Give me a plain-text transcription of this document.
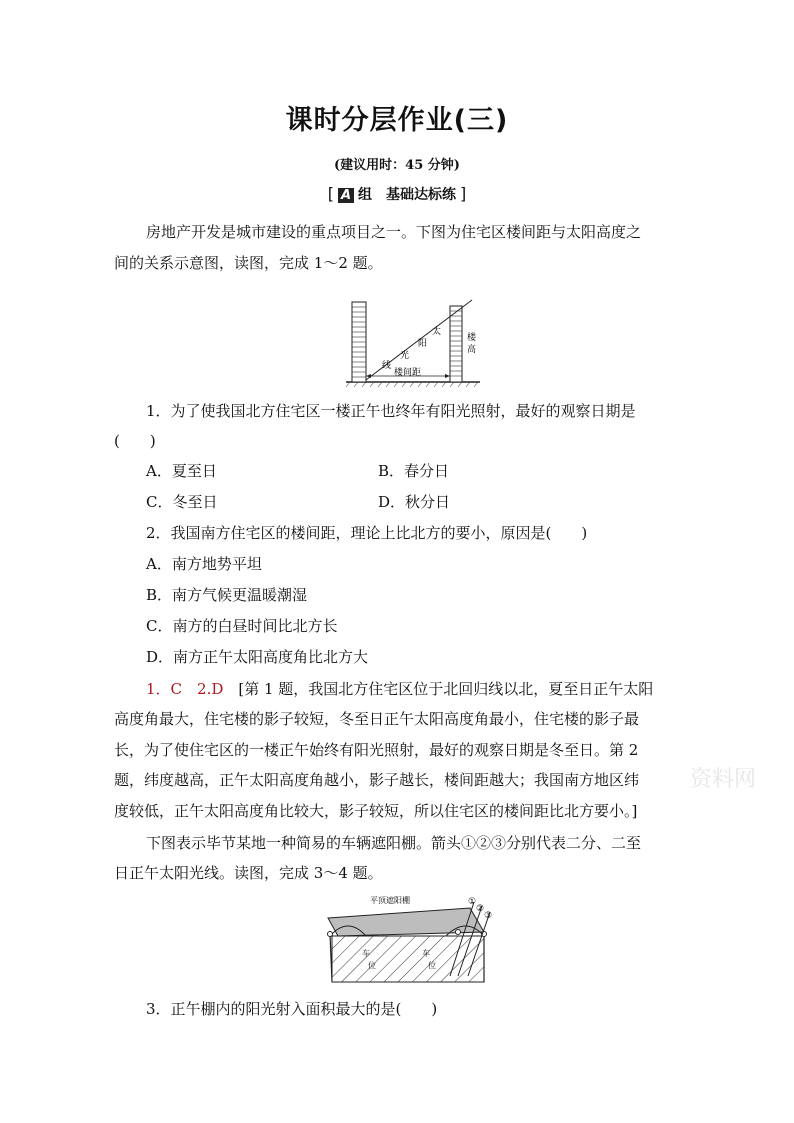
课时分层作业(三)
(建议用时：45 分钟)
[ A 组　基础达标练 ]
房地产开发是城市建设的重点项目之一。下图为住宅区楼间距与太阳高度之
间的关系示意图，读图，完成 1～2 题。
太
阳
光
线
楼
高
楼间距
1．为了使我国北方住宅区一楼正午也终年有阳光照射，最好的观察日期是
(　　)
A．夏至日	B．春分日
C．冬至日	D．秋分日
2．我国南方住宅区的楼间距，理论上比北方的要小，原因是(　　)
A．南方地势平坦
B．南方气候更温暖潮湿
C．南方的白昼时间比北方长
D．南方正午太阳高度角比北方大
1．C　2.D　[第 1 题，我国北方住宅区位于北回归线以北，夏至日正午太阳
高度角最大，住宅楼的影子较短，冬至日正午太阳高度角最小，住宅楼的影子最
长，为了使住宅区的一楼正午始终有阳光照射，最好的观察日期是冬至日。第 2
题，纬度越高，正午太阳高度角越小，影子越长，楼间距越大；我国南方地区纬
度较低，正午太阳高度角比较大，影子较短，所以住宅区的楼间距比北方要小。]
资料网
下图表示毕节某地一种简易的车辆遮阳棚。箭头①②③分别代表二分、二至
日正午太阳光线。读图，完成 3～4 题。
平顶遮阳棚	①
②
③
车
位
车
位
3．正午棚内的阳光射入面积最大的是(　　)
